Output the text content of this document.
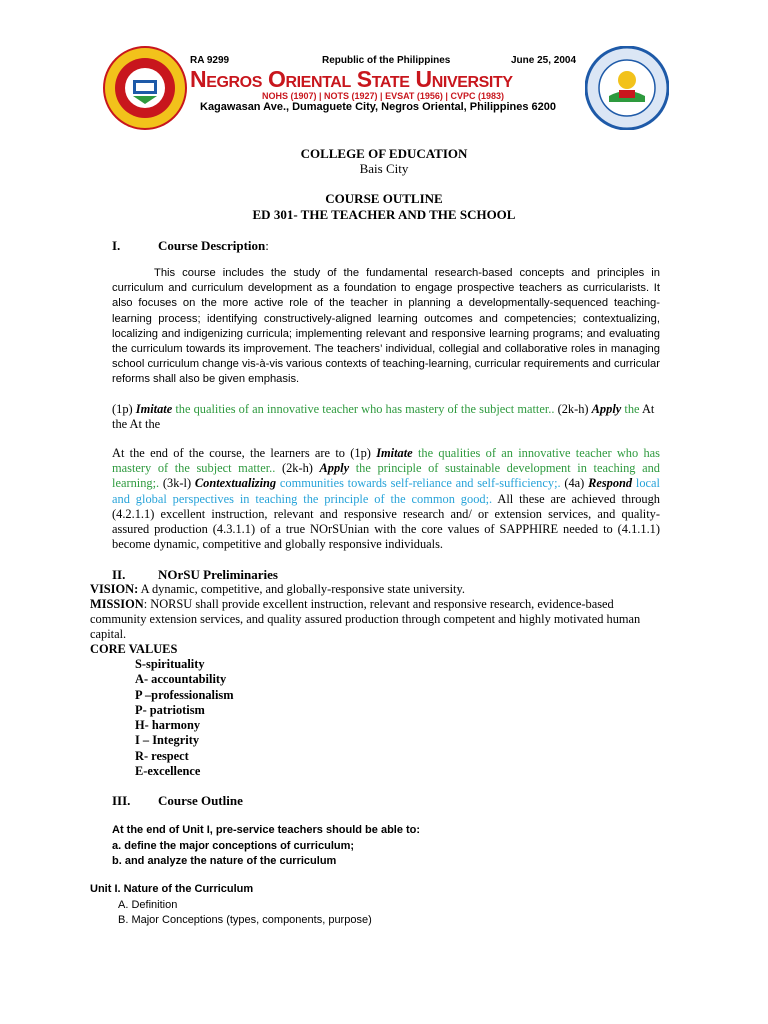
RA 9299	Republic of the Philippines	June 25, 2004
Negros Oriental State University
NOHS (1907) | NOTS (1927) | EVSAT (1956) | CVPC (1983)
Kagawasan Ave., Dumaguete City, Negros Oriental, Philippines 6200
COLLEGE OF EDUCATION
Bais City
COURSE OUTLINE
ED 301- THE TEACHER AND THE SCHOOL
I.	Course Description:
This course includes the study of the fundamental research-based concepts and principles in curriculum and curriculum development as a foundation to engage prospective teachers as curricularists. It also focuses on the more active role of the teacher in planning a developmentally-sequenced teaching-learning process; identifying constructively-aligned learning outcomes and competencies; contextualizing, localizing and indigenizing curricula; implementing relevant and responsive learning programs; and evaluating the curriculum towards its improvement. The teachers’ individual, collegial and collaborative roles in managing school curriculum change vis-à-vis various contexts of teaching-learning, curricular requirements and curricular reforms shall also be given emphasis.
(1p) Imitate the qualities of an innovative teacher who has mastery of the subject matter.. (2k-h) Apply the At the At the
At the end of the course, the learners are to (1p) Imitate the qualities of an innovative teacher who has mastery of the subject matter.. (2k-h) Apply the principle of sustainable development in teaching and learning;. (3k-l) Contextualizing communities towards self-reliance and self-sufficiency;. (4a) Respond local and global perspectives in teaching the principle of the common good;. All these are achieved through (4.2.1.1) excellent instruction, relevant and responsive research and/ or extension services, and quality-assured production (4.3.1.1) of a true NOrSUnian with the core values of SAPPHIRE needed to (4.1.1.1) become dynamic, competitive and globally responsive individuals.
II.	NOrSU Preliminaries
VISION: A dynamic, competitive, and globally-responsive state university.
MISSION: NORSU shall provide excellent instruction, relevant and responsive research, evidence-based community extension services, and quality assured production through competent and highly motivated human capital.
CORE VALUES
S-spirituality
A- accountability
P –professionalism
P- patriotism
H- harmony
I – Integrity
R- respect
E-excellence
III. Course Outline
At the end of Unit I, pre-service teachers should be able to:
a. define the major conceptions of curriculum;
b. and analyze the nature of the curriculum
Unit I. Nature of the Curriculum
A. Definition
B. Major Conceptions (types, components, purpose)
